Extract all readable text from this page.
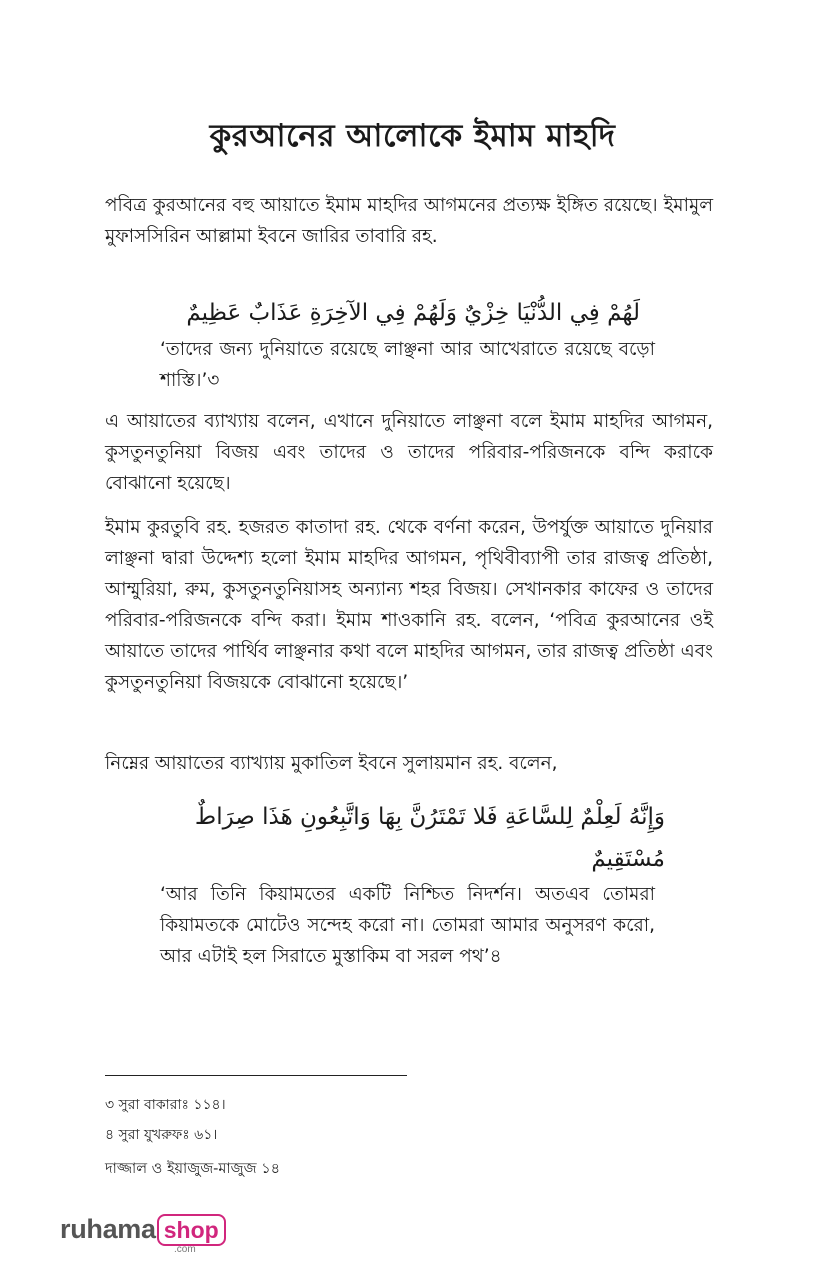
কুরআনের আলোকে ইমাম মাহদি

পবিত্র কুরআনের বহু আয়াতে ইমাম মাহদির আগমনের প্রত্যক্ষ ইঙ্গিত রয়েছে। ইমামুল মুফাসসিরিন আল্লামা ইবনে জারির তাবারি রহ.

لَهُمْ فِي الدُّنْيَا خِزْيٌ وَلَهُمْ فِي الآخِرَةِ عَذَابٌ عَظِيمٌ

‘তাদের জন্য দুনিয়াতে রয়েছে লাঞ্ছনা আর আখেরাতে রয়েছে বড়ো শাস্তি।’৩

এ আয়াতের ব্যাখ্যায় বলেন, এখানে দুনিয়াতে লাঞ্ছনা বলে ইমাম মাহদির আগমন, কুসতুনতুনিয়া বিজয় এবং তাদের ও তাদের পরিবার-পরিজনকে বন্দি করাকে বোঝানো হয়েছে।

ইমাম কুরতুবি রহ. হজরত কাতাদা রহ. থেকে বর্ণনা করেন, উপর্যুক্ত আয়াতে দুনিয়ার লাঞ্ছনা দ্বারা উদ্দেশ্য হলো ইমাম মাহদির আগমন, পৃথিবীব্যাপী তার রাজত্ব প্রতিষ্ঠা, আম্মুরিয়া, রুম, কুসতুনতুনিয়াসহ অন্যান্য শহর বিজয়। সেখানকার কাফের ও তাদের পরিবার-পরিজনকে বন্দি করা। ইমাম শাওকানি রহ. বলেন, ‘পবিত্র কুরআনের ওই আয়াতে তাদের পার্থিব লাঞ্ছনার কথা বলে মাহদির আগমন, তার রাজত্ব প্রতিষ্ঠা এবং কুসতুনতুনিয়া বিজয়কে বোঝানো হয়েছে।’

নিম্নের আয়াতের ব্যাখ্যায় মুকাতিল ইবনে সুলায়মান রহ. বলেন,

وَإِنَّهُ لَعِلْمٌ لِلسَّاعَةِ فَلا تَمْتَرُنَّ بِهَا وَاتَّبِعُونِ هَذَا صِرَاطٌ مُسْتَقِيمٌ

‘আর তিনি কিয়ামতের একটি নিশ্চিত নিদর্শন। অতএব তোমরা কিয়ামতকে মোটেও সন্দেহ করো না। তোমরা আমার অনুসরণ করো, আর এটাই হল সিরাতে মুস্তাকিম বা সরল পথ’৪

৩ সুরা বাকারাঃ ১১৪।
৪ সুরা যুখরুফঃ ৬১।
দাজ্জাল ও ইয়াজুজ-মাজুজ ১৪
ruhama shop
.com
